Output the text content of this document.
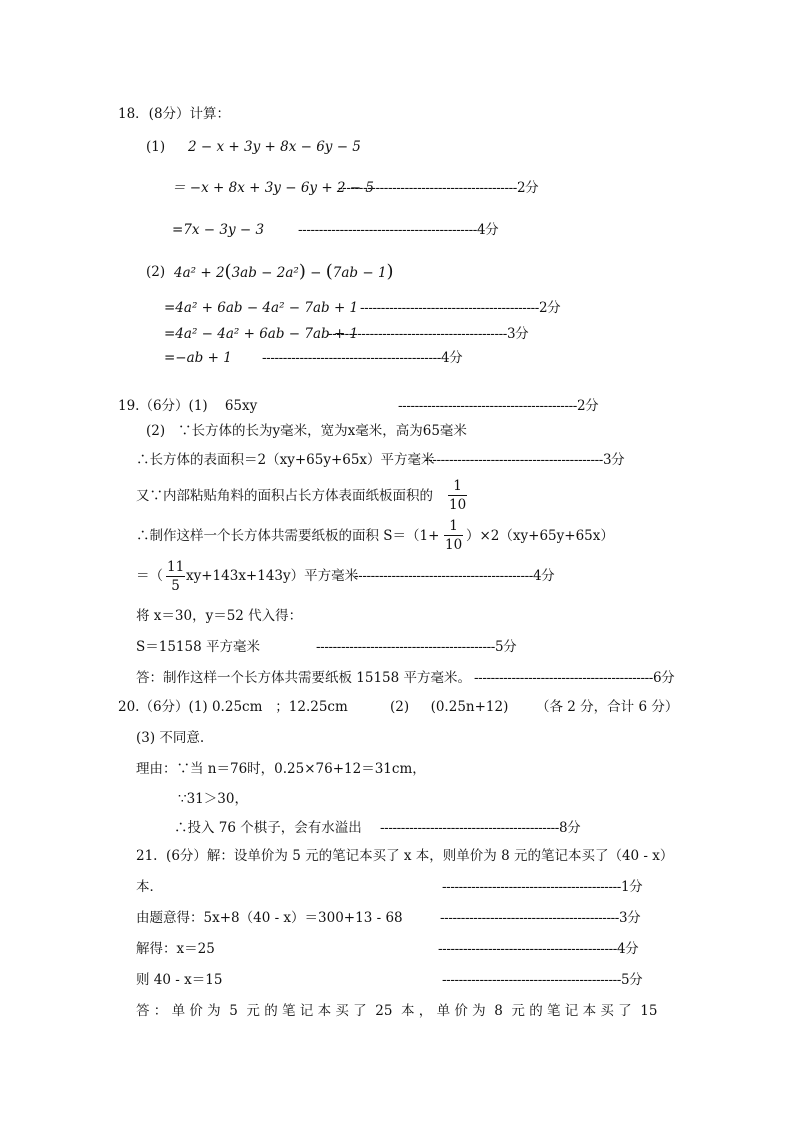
18．(8分）计算：
(1) 2 − x + 3y + 8x − 6y − 5
＝ −x + 8x + 3y − 6y + 2 − 5
-------------------------------------------2分
=7x − 3y − 3	-------------------------------------------4分
(2) 4a² + 2(3ab − 2a²) − (7ab − 1)
=4a² + 6ab − 4a² − 7ab + 1 -------------------------------------------2分
=4a² − 4a² + 6ab − 7ab + 1
-------------------------------------------3分
=−ab + 1 -------------------------------------------4分
19.（6分）(1)    65xy	-------------------------------------------2分
(2)   ∵长方体的长为y毫米，宽为x毫米，高为65毫米
∴长方体的表面积＝2（xy+65y+65x）平方毫米
-------------------------------------------3分
又∵内部粘贴角料的面积占长方体表面纸板面积的
1
10
∴制作这样一个长方体共需要纸板的面积 S＝（1+
1
10
）×2（xy+65y+65x）
＝（
11
5
xy+143x+143y）平方毫米
-------------------------------------------4分
将 x＝30，y＝52 代入得：
S＝15158 平方毫米	-------------------------------------------5分
答：制作这样一个长方体共需要纸板 15158 平方毫米。 -------------------------------------------6分
20.（6分）(1) 0.25cm   ；12.25cm	(2)     (0.25n+12) （各 2 分，合计 6 分）
(3) 不同意.
理由：∵当 n＝76时，0.25×76+12＝31cm，
∵31＞30，
∴投入 76 个棋子，会有水溢出 -------------------------------------------8分
21.  (6分）解：设单价为 5 元的笔记本买了 x 本，则单价为 8 元的笔记本买了（40 - x）
本．	-------------------------------------------1分
由题意得：5x+8（40 - x）＝300+13 - 68	-------------------------------------------3分
解得：x＝25	-------------------------------------------4分
则 40 - x＝15	-------------------------------------------5分
答 ： 单 价 为  5  元 的 笔 记 本 买 了  25  本 ， 单 价 为  8  元 的 笔 记 本 买 了  15
